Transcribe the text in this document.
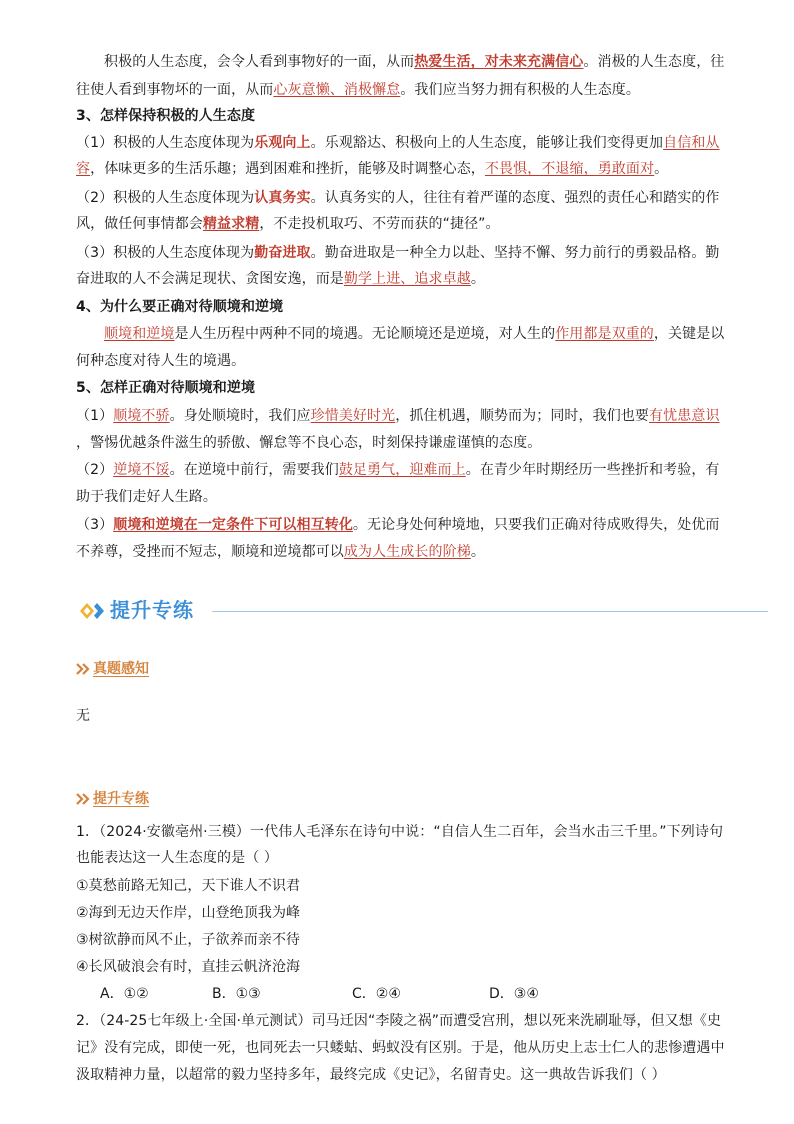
积极的人生态度，会令人看到事物好的一面，从而热爱生活，对未来充满信心。消极的人生态度，往
往使人看到事物坏的一面，从而心灰意懒、消极懈怠。我们应当努力拥有积极的人生态度。
3、怎样保持积极的人生态度
（1）积极的人生态度体现为乐观向上。乐观豁达、积极向上的人生态度，能够让我们变得更加自信和从
容，体味更多的生活乐趣；遇到困难和挫折，能够及时调整心态，不畏惧，不退缩，勇敢面对。
（2）积极的人生态度体现为认真务实。认真务实的人，往往有着严谨的态度、强烈的责任心和踏实的作
风，做任何事情都会精益求精，不走投机取巧、不劳而获的“捷径”。
（3）积极的人生态度体现为勤奋进取。勤奋进取是一种全力以赴、坚持不懈、努力前行的勇毅品格。勤
奋进取的人不会满足现状、贪图安逸，而是勤学上进、追求卓越。
4、为什么要正确对待顺境和逆境
顺境和逆境是人生历程中两种不同的境遇。无论顺境还是逆境，对人生的作用都是双重的，关键是以
何种态度对待人生的境遇。
5、怎样正确对待顺境和逆境
（1）顺境不骄。身处顺境时，我们应珍惜美好时光，抓住机遇，顺势而为；同时，我们也要有忧患意识
，警惕优越条件滋生的骄傲、懈怠等不良心态，时刻保持谦虚谨慎的态度。
（2）逆境不馁。在逆境中前行，需要我们鼓足勇气，迎难而上。在青少年时期经历一些挫折和考验，有
助于我们走好人生路。
（3）顺境和逆境在一定条件下可以相互转化。无论身处何种境地，只要我们正确对待成败得失，处优而
不养尊，受挫而不短志，顺境和逆境都可以成为人生成长的阶梯。
提升专练
真题感知
无
提升专练
1．（2024·安徽亳州·三模）一代伟人毛泽东在诗句中说：“自信人生二百年，会当水击三千里。”下列诗句
也能表达这一人生态度的是（ ）
①莫愁前路无知己，天下谁人不识君
②海到无边天作岸，山登绝顶我为峰
③树欲静而风不止，子欲养而亲不待
④长风破浪会有时，直挂云帆济沧海
A．①②	B．①③	C．②④	D．③④
2．（24-25七年级上·全国·单元测试）司马迁因“李陵之祸”而遭受宫刑，想以死来洗刷耻辱，但又想《史
记》没有完成，即使一死，也同死去一只蝼蛄、蚂蚁没有区别。于是，他从历史上志士仁人的悲惨遭遇中
汲取精神力量，以超常的毅力坚持多年，最终完成《史记》，名留青史。这一典故告诉我们（ ）
